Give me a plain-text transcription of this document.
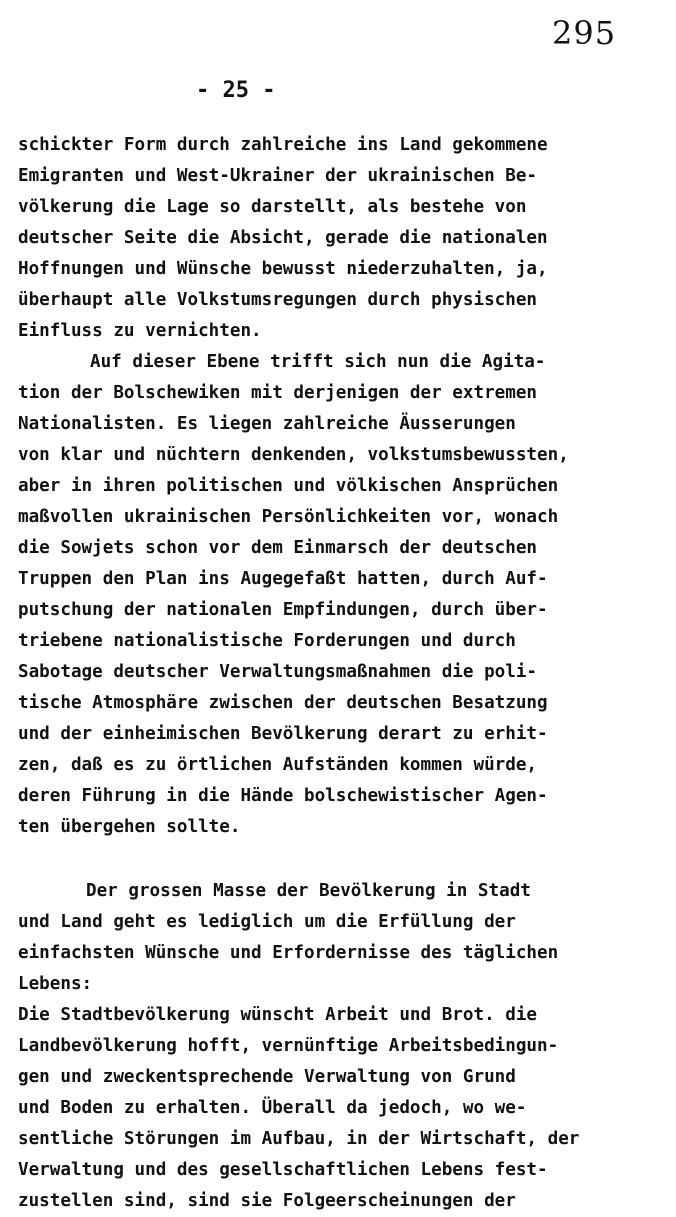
295
- 25 -
schickter Form durch zahlreiche ins Land gekommene
Emigranten und West-Ukrainer der ukrainischen Be-
völkerung die Lage so darstellt, als bestehe von
deutscher Seite die Absicht, gerade die nationalen
Hoffnungen und Wünsche bewusst niederzuhalten, ja,
überhaupt alle Volkstumsregungen durch physischen
Einfluss zu vernichten.
Auf dieser Ebene trifft sich nun die Agita-
tion der Bolschewiken mit derjenigen der extremen
Nationalisten. Es liegen zahlreiche Äusserungen
von klar und nüchtern denkenden, volkstumsbewussten,
aber in ihren politischen und völkischen Ansprüchen
maßvollen ukrainischen Persönlichkeiten vor, wonach
die Sowjets schon vor dem Einmarsch der deutschen
Truppen den Plan ins Augegefaßt hatten, durch Auf-
putschung der nationalen Empfindungen, durch über-
triebene nationalistische Forderungen und durch
Sabotage deutscher Verwaltungsmaßnahmen die poli-
tische Atmosphäre zwischen der deutschen Besatzung
und der einheimischen Bevölkerung derart zu erhit-
zen, daß es zu örtlichen Aufständen kommen würde,
deren Führung in die Hände bolschewistischer Agen-
ten übergehen sollte.
Der grossen Masse der Bevölkerung in Stadt
und Land geht es lediglich um die Erfüllung der
einfachsten Wünsche und Erfordernisse des täglichen
Lebens:
Die Stadtbevölkerung wünscht Arbeit und Brot. die
Landbevölkerung hofft, vernünftige Arbeitsbedingun-
gen und zweckentsprechende Verwaltung von Grund
und Boden zu erhalten. Überall da jedoch, wo we-
sentliche Störungen im Aufbau, in der Wirtschaft, der
Verwaltung und des gesellschaftlichen Lebens fest-
zustellen sind, sind sie Folgeerscheinungen der
